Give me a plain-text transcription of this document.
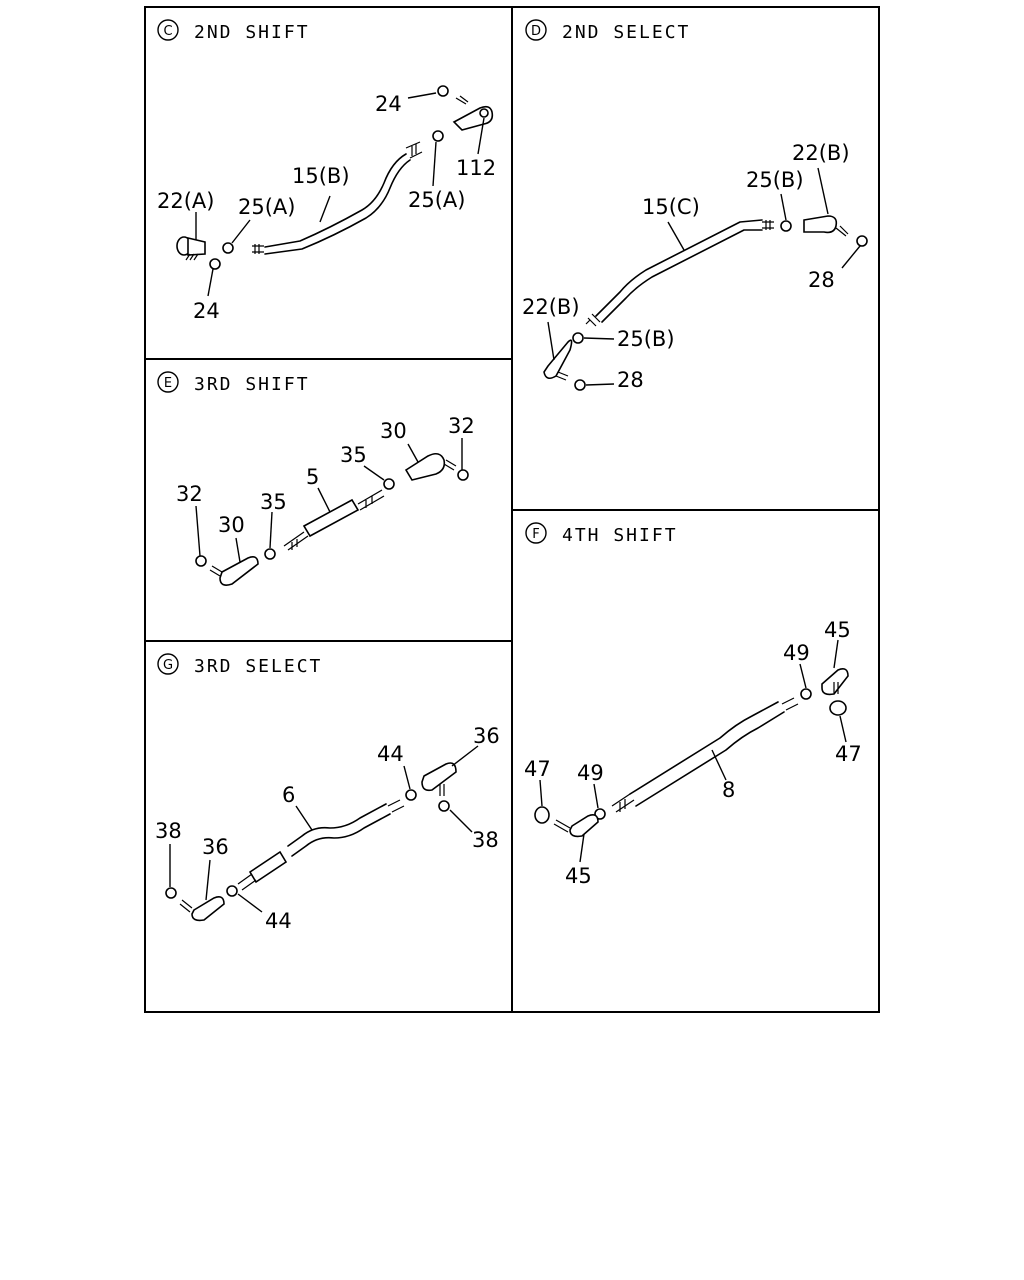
C 2ND SHIFT
24
112
15(B)
25(A)
22(A) 25(A)
24
D 2ND SELECT
22(B)
25(B)
15(C)
28
22(B)
25(B)
28
E 3RD SHIFT
30 32
35
5
32	35
30
G 3RD SELECT
36
44
6
38
38
36
44
F 4TH SHIFT
45
49
47
8
47 49
45
